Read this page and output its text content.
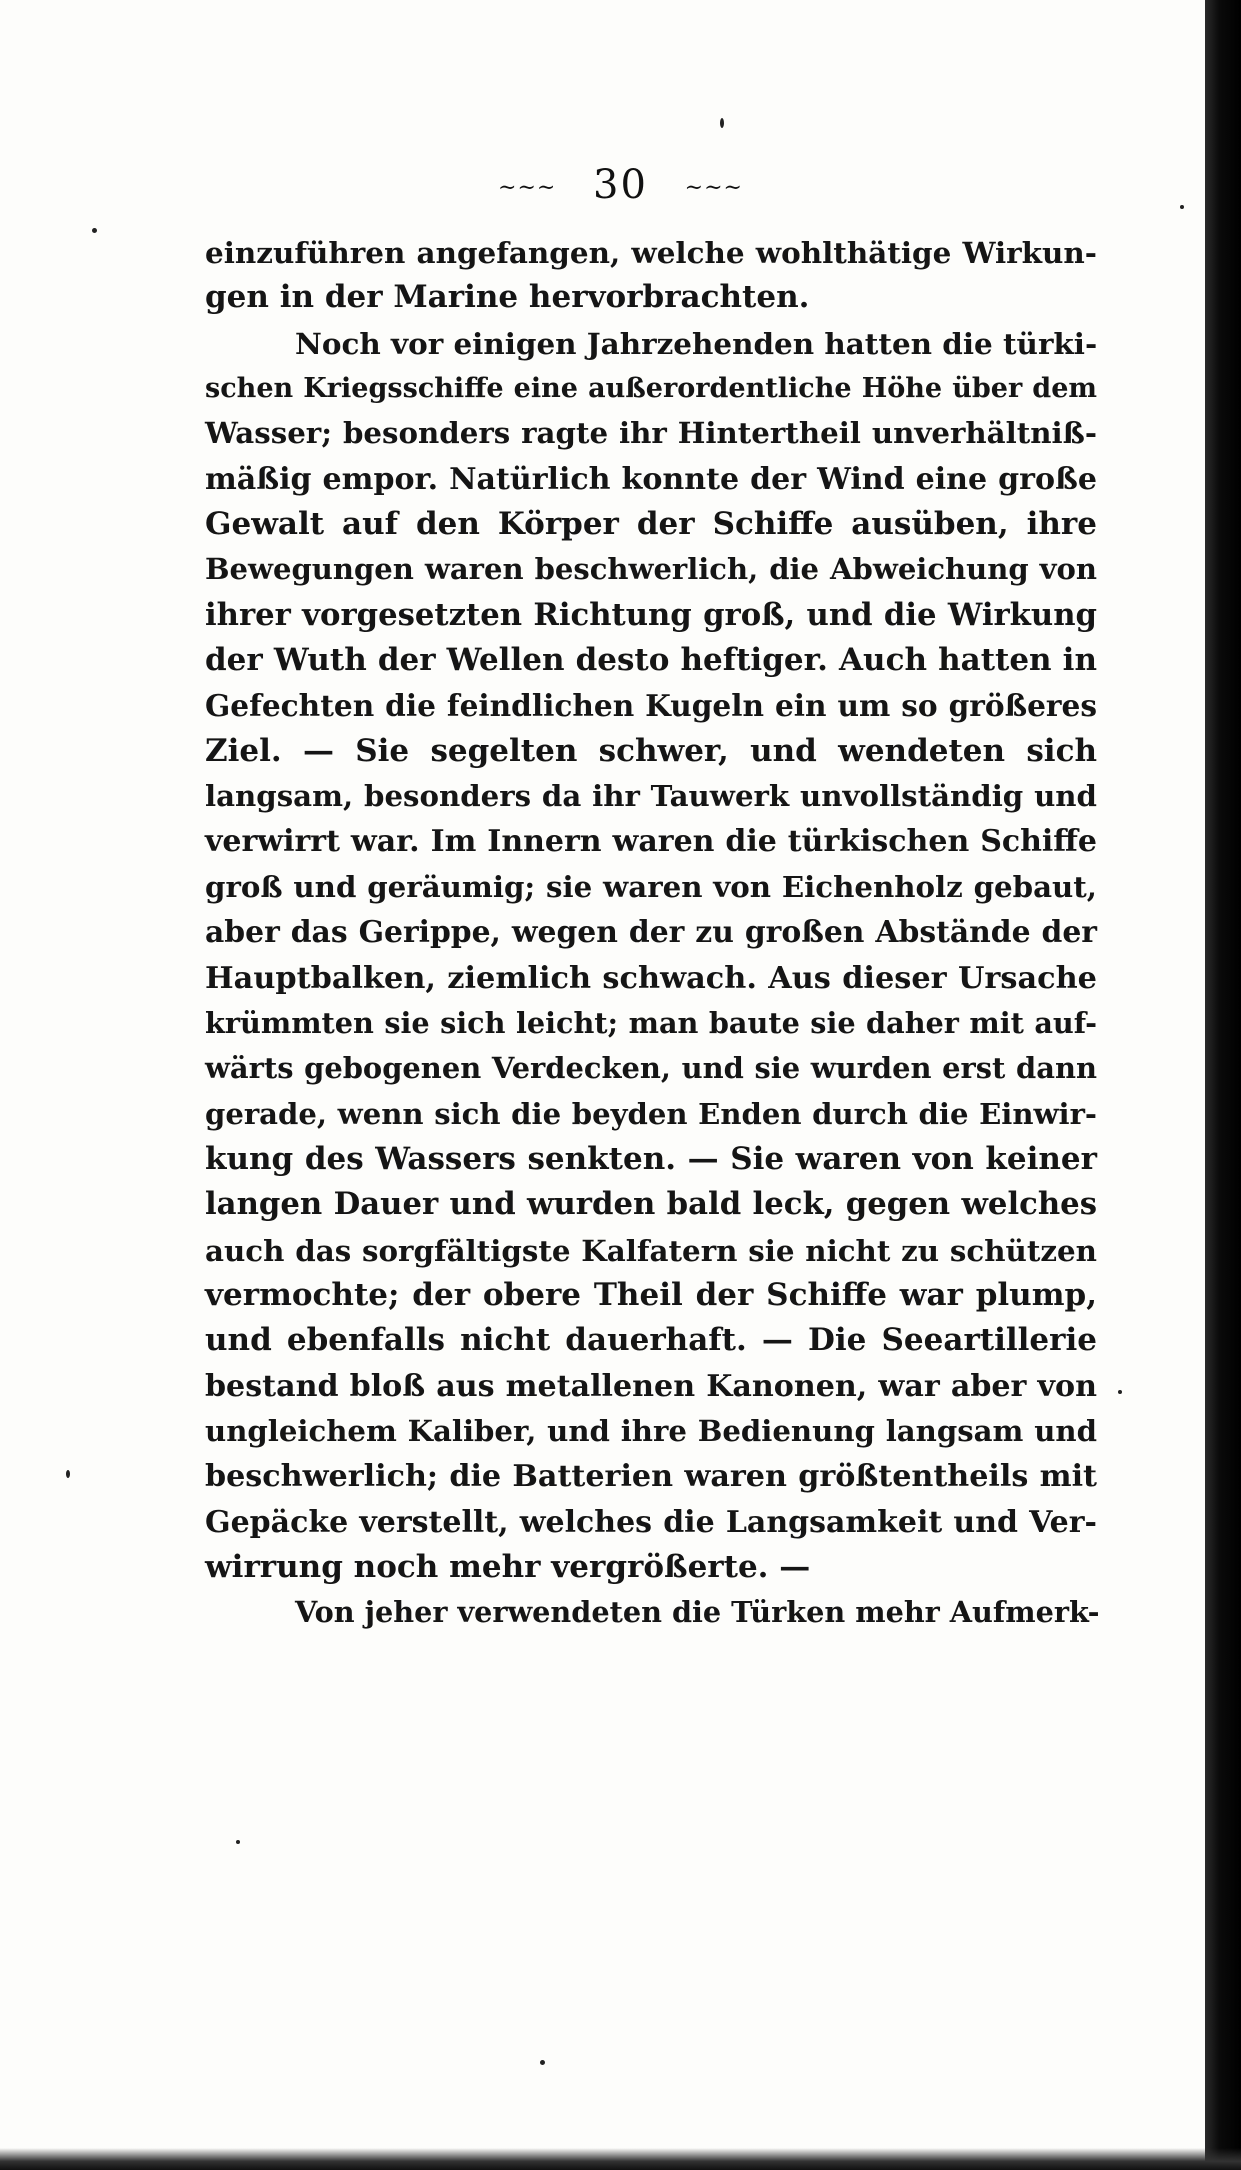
~~~ 30 ~~~
einzuführen angefangen, welche wohlthätige Wirkun-
gen in der Marine hervorbrachten.
Noch vor einigen Jahrzehenden hatten die türki-
schen Kriegsschiffe eine außerordentliche Höhe über dem
Wasser; besonders ragte ihr Hintertheil unverhältniß-
mäßig empor. Natürlich konnte der Wind eine große
Gewalt auf den Körper der Schiffe ausüben, ihre
Bewegungen waren beschwerlich, die Abweichung von
ihrer vorgesetzten Richtung groß, und die Wirkung
der Wuth der Wellen desto heftiger. Auch hatten in
Gefechten die feindlichen Kugeln ein um so größeres
Ziel. — Sie segelten schwer, und wendeten sich
langsam, besonders da ihr Tauwerk unvollständig und
verwirrt war. Im Innern waren die türkischen Schiffe
groß und geräumig; sie waren von Eichenholz gebaut,
aber das Gerippe, wegen der zu großen Abstände der
Hauptbalken, ziemlich schwach. Aus dieser Ursache
krümmten sie sich leicht; man baute sie daher mit auf-
wärts gebogenen Verdecken, und sie wurden erst dann
gerade, wenn sich die beyden Enden durch die Einwir-
kung des Wassers senkten. — Sie waren von keiner
langen Dauer und wurden bald leck, gegen welches
auch das sorgfältigste Kalfatern sie nicht zu schützen
vermochte; der obere Theil der Schiffe war plump,
und ebenfalls nicht dauerhaft. — Die Seeartillerie
bestand bloß aus metallenen Kanonen, war aber von
ungleichem Kaliber, und ihre Bedienung langsam und
beschwerlich; die Batterien waren größtentheils mit
Gepäcke verstellt, welches die Langsamkeit und Ver-
wirrung noch mehr vergrößerte. —
Von jeher verwendeten die Türken mehr Aufmerk-
